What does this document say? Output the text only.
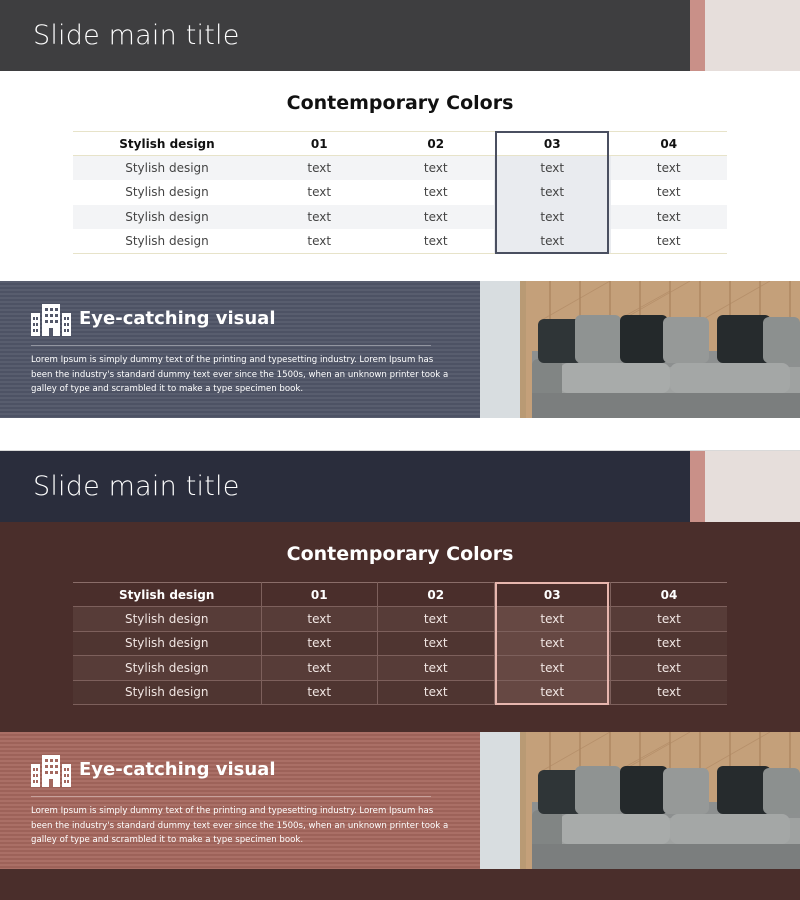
Slide main title
Contemporary Colors
Stylish design	01	02	03	04
Stylish design	text	text	text	text
Stylish design	text	text	text	text
Stylish design	text	text	text	text
Stylish design	text	text	text	text
Eye-catching visual
Lorem Ipsum is simply dummy text of the printing and typesetting industry. Lorem Ipsum has been the industry's standard dummy text ever since the 1500s, when an unknown printer took a galley of type and scrambled it to make a type specimen book.
Slide main title
Contemporary Colors
Stylish design	01	02	03	04
Stylish design	text	text	text	text
Stylish design	text	text	text	text
Stylish design	text	text	text	text
Stylish design	text	text	text	text
Eye-catching visual
Lorem Ipsum is simply dummy text of the printing and typesetting industry. Lorem Ipsum has been the industry's standard dummy text ever since the 1500s, when an unknown printer took a galley of type and scrambled it to make a type specimen book.
